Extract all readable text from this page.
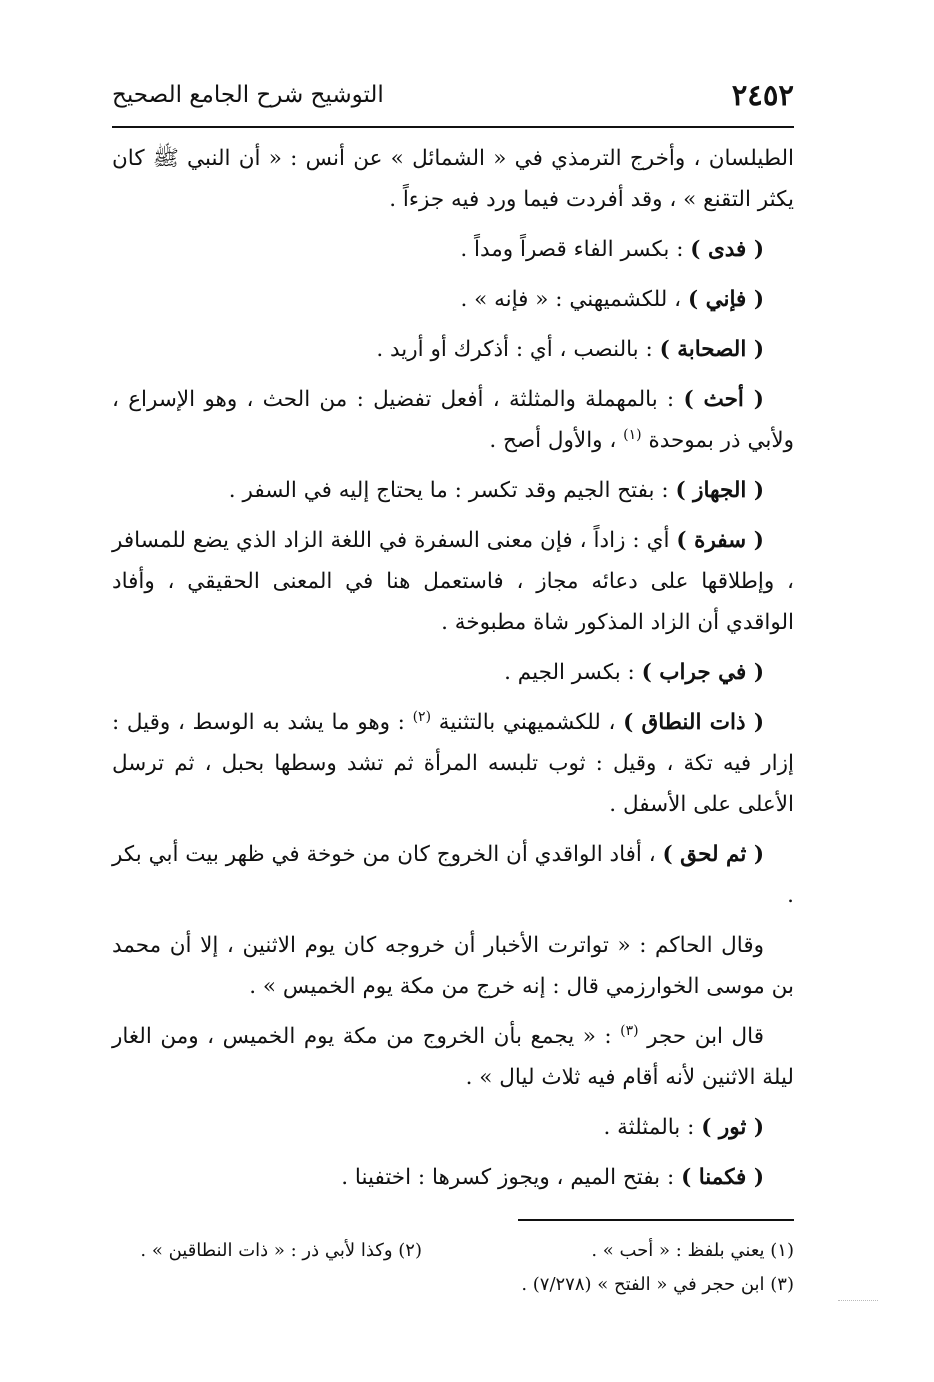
٢٤٥٢
التوشيح شرح الجامع الصحيح

الطيلسان ، وأخرج الترمذي في « الشمائل » عن أنس : « أن النبي ﷺ كان يكثر التقنع » ، وقد أفردت فيما ورد فيه جزءاً .

( فدى ) : بكسر الفاء قصراً ومداً .

( فإني ) ، للكشميهني : « فإنه » .

( الصحابة ) : بالنصب ، أي : أذكرك أو أريد .

( أحث ) : بالمهملة والمثلثة ، أفعل تفضيل : من الحث ، وهو الإسراع ، ولأبي ذر بموحدة $^{(١)}$ ، والأول أصح .

( الجهاز ) : بفتح الجيم وقد تكسر : ما يحتاج إليه في السفر .

( سفرة ) أي : زاداً ، فإن معنى السفرة في اللغة الزاد الذي يضع للمسافر ، وإطلاقها على دعائه مجاز ، فاستعمل هنا في المعنى الحقيقي ، وأفاد الواقدي أن الزاد المذكور شاة مطبوخة .

( في جراب ) : بكسر الجيم .

( ذات النطاق ) ، للكشميهني بالتثنية $^{(٢)}$ : وهو ما يشد به الوسط ، وقيل : إزار فيه تكة ، وقيل : ثوب تلبسه المرأة ثم تشد وسطها بحبل ، ثم ترسل الأعلى على الأسفل .

( ثم لحق ) ، أفاد الواقدي أن الخروج كان من خوخة في ظهر بيت أبي بكر .

وقال الحاكم : « تواترت الأخبار أن خروجه كان يوم الاثنين ، إلا أن محمد بن موسى الخوارزمي قال : إنه خرج من مكة يوم الخميس » .

قال ابن حجر $^{(٣)}$ : « يجمع بأن الخروج من مكة يوم الخميس ، ومن الغار ليلة الاثنين لأنه أقام فيه ثلاث ليال » .

( ثور ) : بالمثلثة .

( فكمنا ) : بفتح الميم ، ويجوز كسرها : اختفينا .

(١) يعني بلفظ : « أحب » .
(٢) وكذا لأبي ذر : « ذات النطاقين » .
(٣) ابن حجر في « الفتح » (٧/٢٧٨) .
